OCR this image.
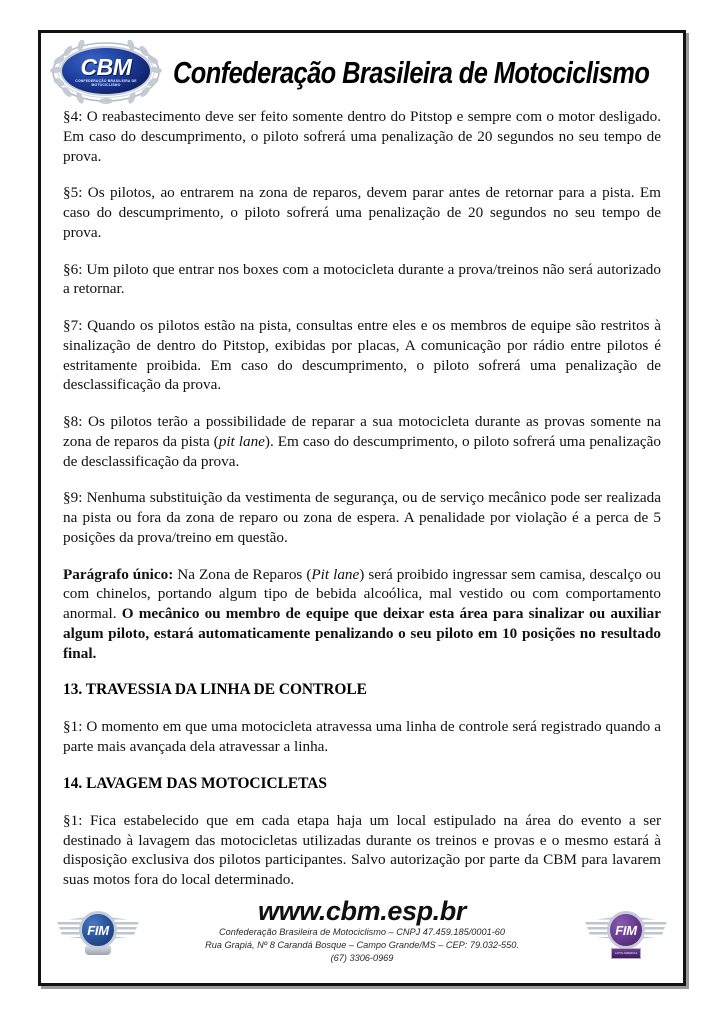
CBM
CONFEDERAÇÃO BRASILEIRA DE MOTOCICLISMO	Confederação Brasileira de Motociclismo

§4: O reabastecimento deve ser feito somente dentro do Pitstop e sempre com o motor desligado. Em caso do descumprimento, o piloto sofrerá uma penalização de 20 segundos no seu tempo de prova.

§5: Os pilotos, ao entrarem na zona de reparos, devem parar antes de retornar para a pista. Em caso do descumprimento, o piloto sofrerá uma penalização de 20 segundos no seu tempo de prova.

§6: Um piloto que entrar nos boxes com a motocicleta durante a prova/treinos não será autorizado a retornar.

§7: Quando os pilotos estão na pista, consultas entre eles e os membros de equipe são restritos à sinalização de dentro do Pitstop, exibidas por placas, A comunicação por rádio entre pilotos é estritamente proibida. Em caso do descumprimento, o piloto sofrerá uma penalização de desclassificação da prova.

§8: Os pilotos terão a possibilidade de reparar a sua motocicleta durante as provas somente na zona de reparos da pista (pit lane). Em caso do descumprimento, o piloto sofrerá uma penalização de desclassificação da prova.

§9: Nenhuma substituição da vestimenta de segurança, ou de serviço mecânico pode ser realizada na pista ou fora da zona de reparo ou zona de espera. A penalidade por violação é a perca de 5 posições da prova/treino em questão.

Parágrafo único: Na Zona de Reparos (Pit lane) será proibido ingressar sem camisa, descalço ou com chinelos, portando algum tipo de bebida alcoólica, mal vestido ou com comportamento anormal. O mecânico ou membro de equipe que deixar esta área para sinalizar ou auxiliar algum piloto, estará automaticamente penalizando o seu piloto em 10 posições no resultado final.

13. TRAVESSIA DA LINHA DE CONTROLE

§1: O momento em que uma motocicleta atravessa uma linha de controle será registrado quando a parte mais avançada dela atravessar a linha.

14. LAVAGEM DAS MOTOCICLETAS

§1: Fica estabelecido que em cada etapa haja um local estipulado na área do evento a ser destinado à lavagem das motocicletas utilizadas durante os treinos e provas e o mesmo estará à disposição exclusiva dos pilotos participantes. Salvo autorização por parte da CBM para lavarem suas motos fora do local determinado.

FIM
www.cbm.esp.br
Confederação Brasileira de Motociclismo – CNPJ 47.459.185/0001-60
Rua Grapiá, Nº 8 Carandá Bosque – Campo Grande/MS – CEP: 79.032-550.
(67) 3306-0969
FIM
LATIN AMERICA
